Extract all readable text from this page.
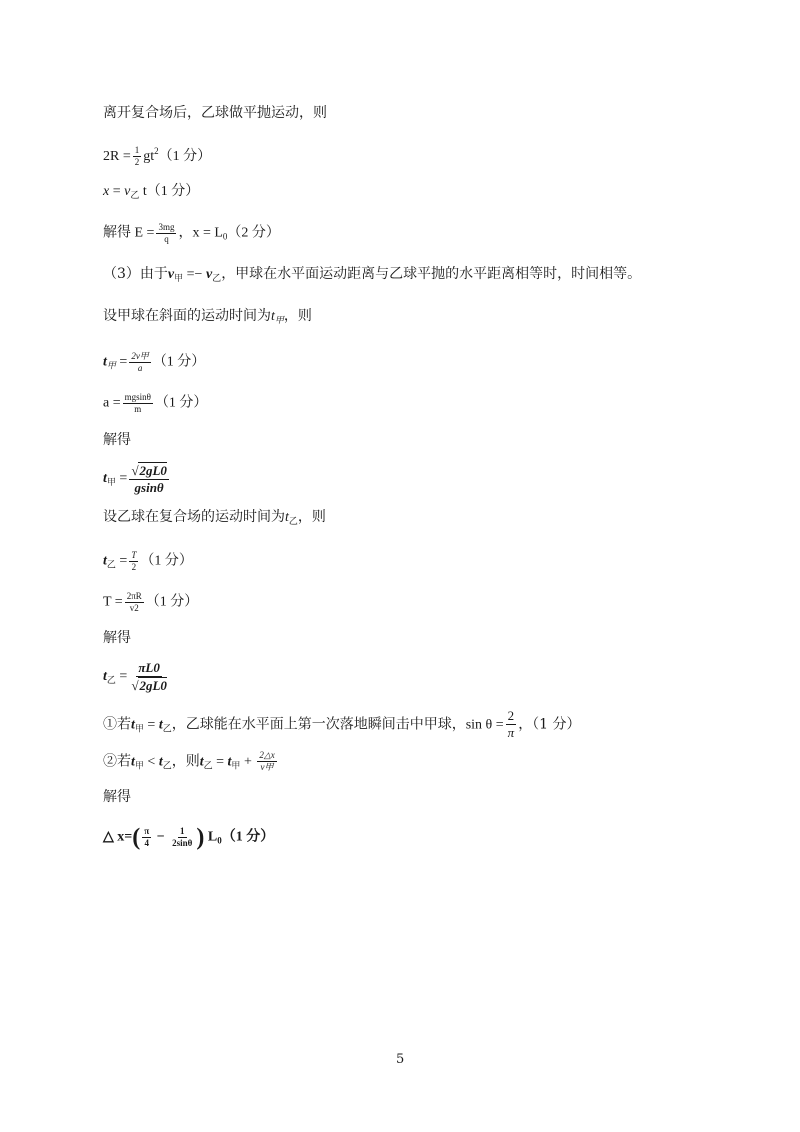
离开复合场后，乙球做平抛运动，则
$2R = \frac{1}{2} gt^2(1$ 分）
$x = v_乙$ t（1 分）
解得 $E = \frac{3mg}{q}$ ，$x = L_0(2$ 分）
（3）由于$v_甲 =- v_乙$，甲球在水平面运动距离与乙球平抛的水平距离相等时，时间相等。
设甲球在斜面的运动时间为$t_甲$，则
$t_甲 = \frac{\text{2v甲}}{a} (1$ 分）
$a = \frac{mgsin\theta}{m} (1$ 分）
解得
$t_甲 = \frac{√2gL0}{gsin\theta}$
设乙球在复合场的运动时间为$t_乙$，则
$t_乙 = \frac{T}{2} (1$ 分）
$T = \frac{2\pi R}{v2} (1$ 分）
解得
$t_乙 = \frac{\pi L0}{√2gL0}$
①若$t_甲 = t_乙$，乙球能在水平面上第一次落地瞬间击中甲球，$\sin \theta = \frac{2}{\pi}$ ，（1 分）
②若$t_甲 < t_乙$，则$t_乙 = t_甲 + \frac{2\triangle x}{\text{v甲}}$
解得
△ $x=( \frac{\pi}{4} - \frac{1}{2\sin\theta}$ ) $L_0(1$ 分）
5
